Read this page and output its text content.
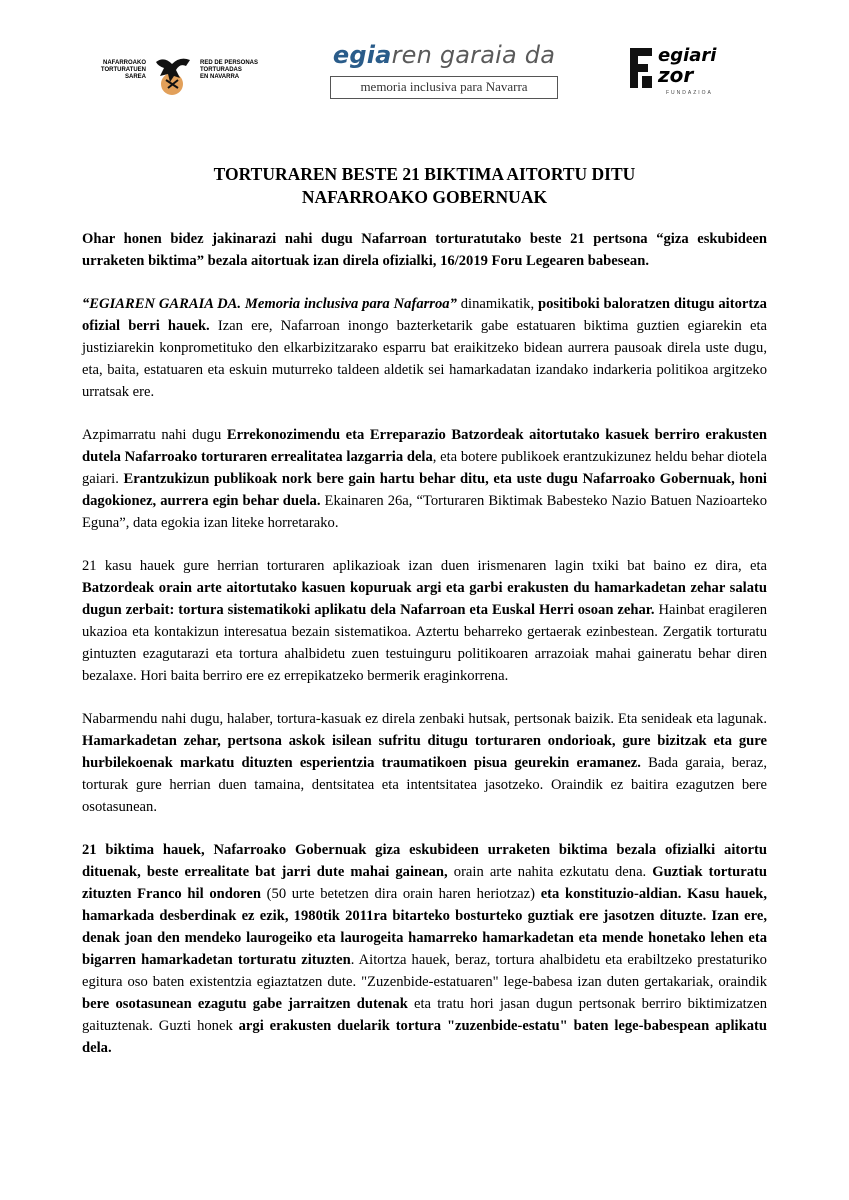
NAFARROAKO
TORTURATUEN
SAREA
RED DE PERSONAS
TORTURADAS
EN NAVARRA
egiaren garaia da
memoria inclusiva para Navarra
egiari
zor
FUNDAZIOA
TORTURAREN BESTE 21 BIKTIMA AITORTU DITU
NAFARROAKO GOBERNUAK

Ohar honen bidez jakinarazi nahi dugu Nafarroan torturatutako beste 21 pertsona “giza eskubideen urraketen biktima” bezala aitortuak izan direla ofizialki, 16/2019 Foru Legearen babesean.

“EGIAREN GARAIA DA. Memoria inclusiva para Nafarroa” dinamikatik, positiboki baloratzen ditugu aitortza ofizial berri hauek. Izan ere, Nafarroan inongo bazterketarik gabe estatuaren biktima guztien egiarekin eta justiziarekin konprometituko den elkarbizitzarako esparru bat eraikitzeko bidean aurrera pausoak direla uste dugu, eta, baita, estatuaren eta eskuin muturreko taldeen aldetik sei hamarkadatan izandako indarkeria politikoa argitzeko urratsak ere.

Azpimarratu nahi dugu Errekonozimendu eta Erreparazio Batzordeak aitortutako kasuek berriro erakusten dutela Nafarroako torturaren errealitatea lazgarria dela, eta botere publikoek erantzukizunez heldu behar diotela gaiari. Erantzukizun publikoak nork bere gain hartu behar ditu, eta uste dugu Nafarroako Gobernuak, honi dagokionez, aurrera egin behar duela. Ekainaren 26a, “Torturaren Biktimak Babesteko Nazio Batuen Nazioarteko Eguna”, data egokia izan liteke horretarako.

21 kasu hauek gure herrian torturaren aplikazioak izan duen irismenaren lagin txiki bat baino ez dira, eta Batzordeak orain arte aitortutako kasuen kopuruak argi eta garbi erakusten du hamarkadetan zehar salatu dugun zerbait: tortura sistematikoki aplikatu dela Nafarroan eta Euskal Herri osoan zehar. Hainbat eragileren ukazioa eta kontakizun interesatua bezain sistematikoa. Aztertu beharreko gertaerak ezinbestean. Zergatik torturatu gintuzten ezagutarazi eta tortura ahalbidetu zuen testuinguru politikoaren arrazoiak mahai gaineratu behar diren bezalaxe. Hori baita berriro ere ez errepikatzeko bermerik eraginkorrena.

Nabarmendu nahi dugu, halaber, tortura-kasuak ez direla zenbaki hutsak, pertsonak baizik. Eta senideak eta lagunak. Hamarkadetan zehar, pertsona askok isilean sufritu ditugu torturaren ondorioak, gure bizitzak eta gure hurbilekoenak markatu dituzten esperientzia traumatikoen pisua geurekin eramanez. Bada garaia, beraz, torturak gure herrian duen tamaina, dentsitatea eta intentsitatea jasotzeko. Oraindik ez baitira ezagutzen bere osotasunean.

21 biktima hauek, Nafarroako Gobernuak giza eskubideen urraketen biktima bezala ofizialki aitortu dituenak, beste errealitate bat jarri dute mahai gainean, orain arte nahita ezkutatu dena. Guztiak torturatu zituzten Franco hil ondoren (50 urte betetzen dira orain haren heriotzaz) eta konstituzio-aldian. Kasu hauek, hamarkada desberdinak ez ezik, 1980tik 2011ra bitarteko bosturteko guztiak ere jasotzen dituzte. Izan ere, denak joan den mendeko laurogeiko eta laurogeita hamarreko hamarkadetan eta mende honetako lehen eta bigarren hamarkadetan torturatu zituzten. Aitortza hauek, beraz, tortura ahalbidetu eta erabiltzeko prestaturiko egitura oso baten existentzia egiaztatzen dute. "Zuzenbide-estatuaren" lege-babesa izan duten gertakariak, oraindik bere osotasunean ezagutu gabe jarraitzen dutenak eta tratu hori jasan dugun pertsonak berriro biktimizatzen gaituztenak. Guzti honek argi erakusten duelarik tortura "zuzenbide-estatu" baten lege-babespean aplikatu dela.
